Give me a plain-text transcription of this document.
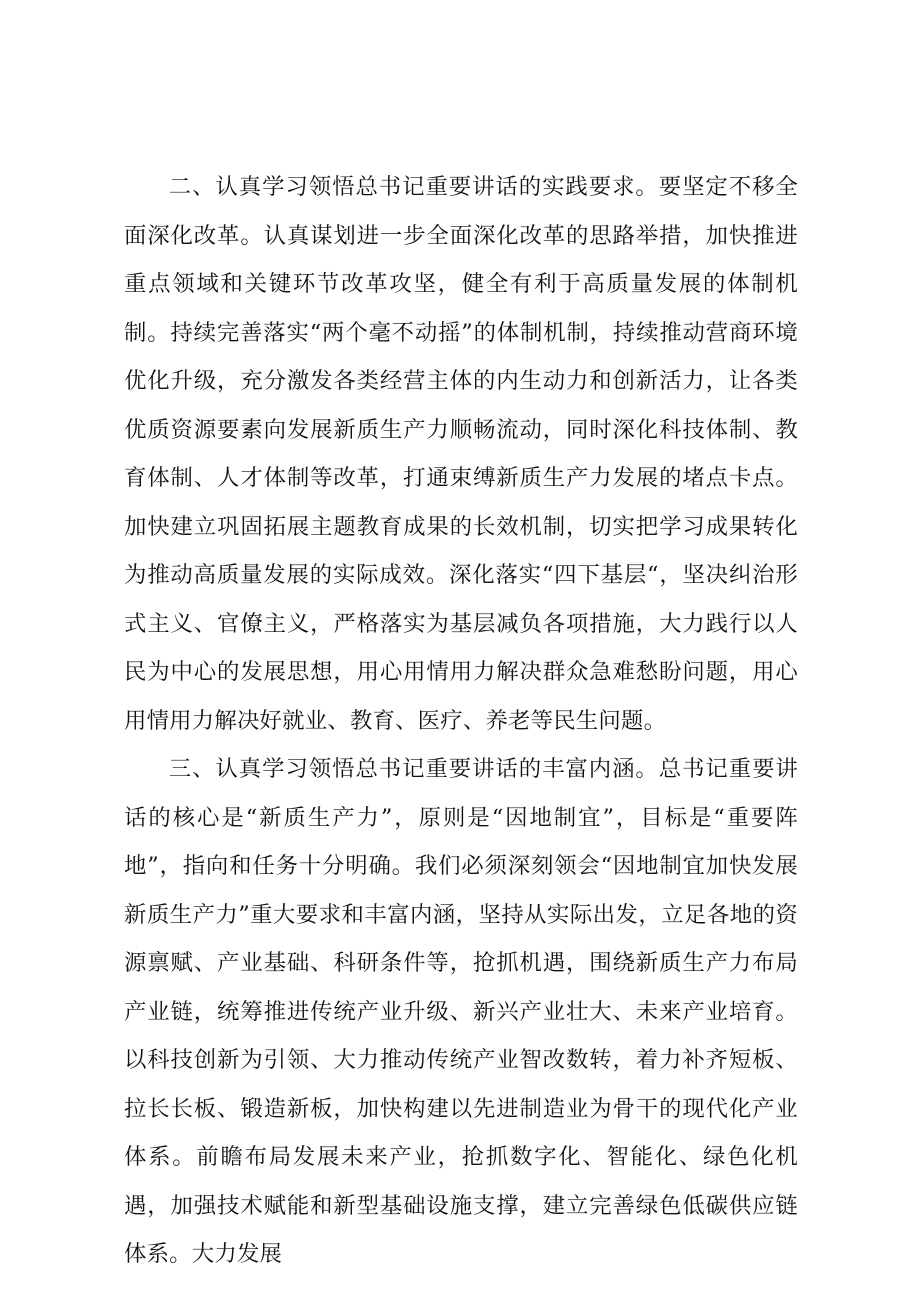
二、认真学习领悟总书记重要讲话的实践要求。要坚定不移全面深化改革。认真谋划进一步全面深化改革的思路举措，加快推进重点领域和关键环节改革攻坚，健全有利于高质量发展的体制机制。持续完善落实“两个毫不动摇”的体制机制，持续推动营商环境优化升级，充分激发各类经营主体的内生动力和创新活力，让各类优质资源要素向发展新质生产力顺畅流动，同时深化科技体制、教育体制、人才体制等改革，打通束缚新质生产力发展的堵点卡点。加快建立巩固拓展主题教育成果的长效机制，切实把学习成果转化为推动高质量发展的实际成效。深化落实“四下基层“，坚决纠治形式主义、官僚主义，严格落实为基层减负各项措施，大力践行以人民为中心的发展思想，用心用情用力解决群众急难愁盼问题，用心用情用力解决好就业、教育、医疗、养老等民生问题。

三、认真学习领悟总书记重要讲话的丰富内涵。总书记重要讲话的核心是“新质生产力”，原则是“因地制宜”，目标是“重要阵地”，指向和任务十分明确。我们必须深刻领会“因地制宜加快发展新质生产力”重大要求和丰富内涵，坚持从实际出发，立足各地的资源禀赋、产业基础、科研条件等，抢抓机遇，围绕新质生产力布局产业链，统筹推进传统产业升级、新兴产业壮大、未来产业培育。以科技创新为引领、大力推动传统产业智改数转，着力补齐短板、拉长长板、锻造新板，加快构建以先进制造业为骨干的现代化产业体系。前瞻布局发展未来产业，抢抓数字化、智能化、绿色化机遇，加强技术赋能和新型基础设施支撑，建立完善绿色低碳供应链体系。大力发展
